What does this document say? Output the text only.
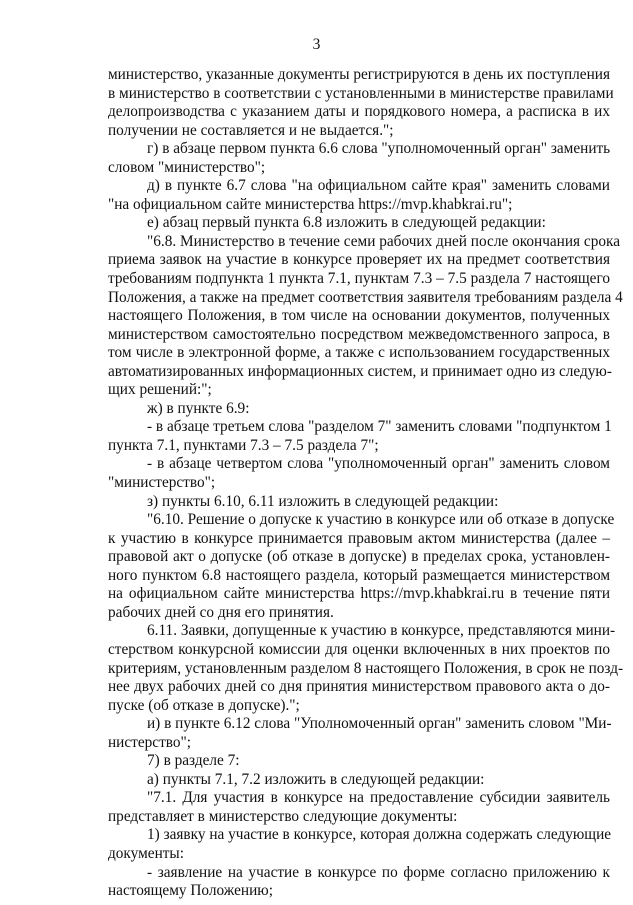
3

министерство, указанные документы регистрируются в день их поступления

в министерство в соответствии с установленными в министерстве правилами

делопроизводства с указанием даты и порядкового номера, а расписка в их

получении не составляется и не выдается.";

г) в абзаце первом пункта 6.6 слова "уполномоченный орган" заменить

словом "министерство";

д) в пункте 6.7 слова "на официальном сайте края" заменить словами

"на официальном сайте министерства https://mvp.khabkrai.ru";

е) абзац первый пункта 6.8 изложить в следующей редакции:

"6.8. Министерство в течение семи рабочих дней после окончания срока

приема заявок на участие в конкурсе проверяет их на предмет соответствия

требованиям подпункта 1 пункта 7.1, пунктам 7.3 – 7.5 раздела 7 настоящего

Положения, а также на предмет соответствия заявителя требованиям раздела 4

настоящего Положения, в том числе на основании документов, полученных

министерством самостоятельно посредством межведомственного запроса, в

том числе в электронной форме, а также с использованием государственных

автоматизированных информационных систем, и принимает одно из следую-

щих решений:";

ж) в пункте 6.9:

- в абзаце третьем слова "разделом 7" заменить словами "подпунктом 1

пункта 7.1, пунктами 7.3 – 7.5 раздела 7";

- в абзаце четвертом слова "уполномоченный орган" заменить словом

"министерство";

з) пункты 6.10, 6.11 изложить в следующей редакции:

"6.10. Решение о допуске к участию в конкурсе или об отказе в допуске

к участию в конкурсе принимается правовым актом министерства (далее –

правовой акт о допуске (об отказе в допуске) в пределах срока, установлен-

ного пунктом 6.8 настоящего раздела, который размещается министерством

на официальном сайте министерства https://mvp.khabkrai.ru в течение пяти

рабочих дней со дня его принятия.

6.11. Заявки, допущенные к участию в конкурсе, представляются мини-

стерством конкурсной комиссии для оценки включенных в них проектов по

критериям, установленным разделом 8 настоящего Положения, в срок не позд-

нее двух рабочих дней со дня принятия министерством правового акта о до-

пуске (об отказе в допуске).";

и) в пункте 6.12 слова "Уполномоченный орган" заменить словом "Ми-

нистерство";

7) в разделе 7:

а) пункты 7.1, 7.2 изложить в следующей редакции:

"7.1. Для участия в конкурсе на предоставление субсидии заявитель

представляет в министерство следующие документы:

1) заявку на участие в конкурсе, которая должна содержать следующие

документы:

- заявление на участие в конкурсе по форме согласно приложению к

настоящему Положению;
